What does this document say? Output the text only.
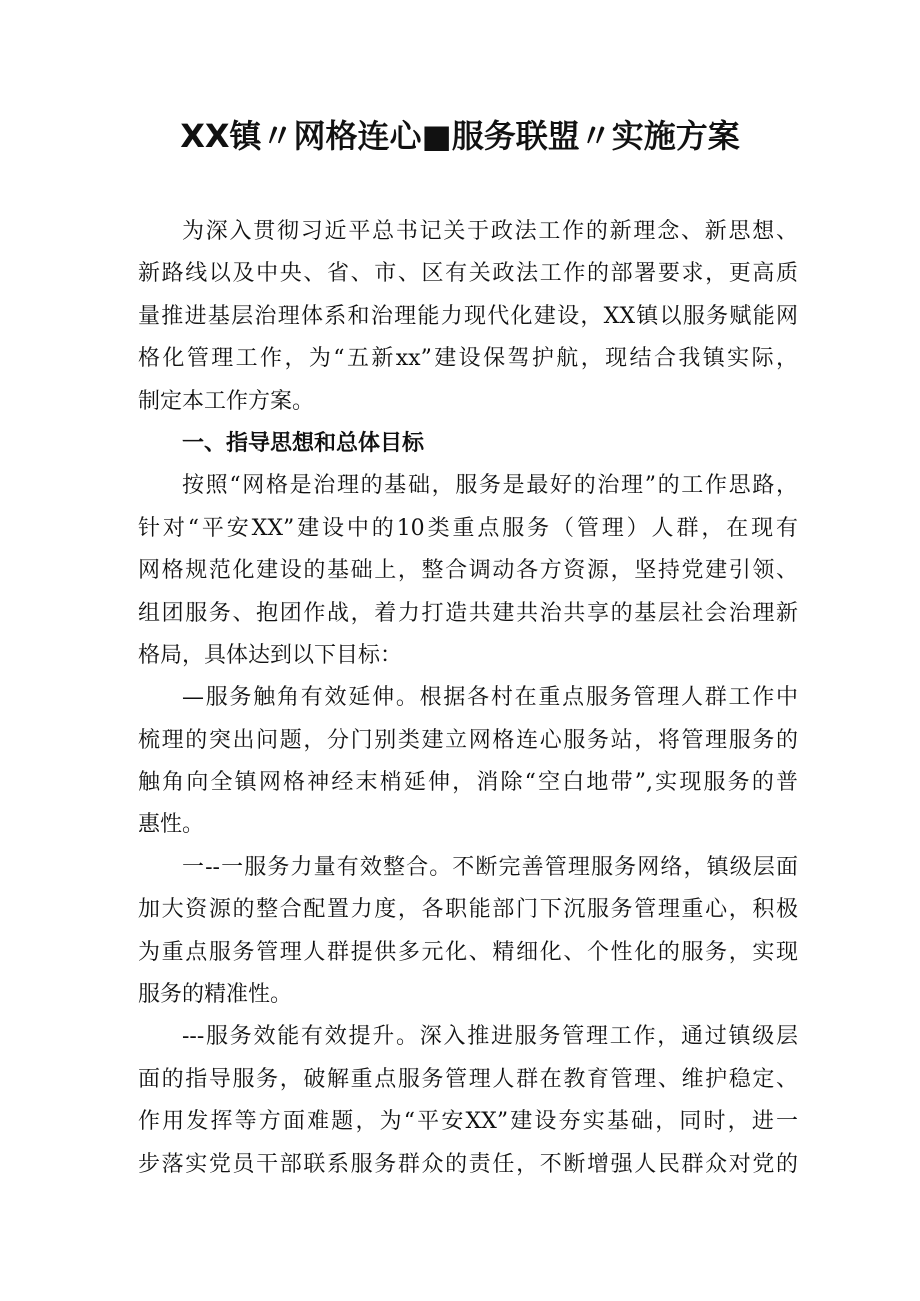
XX镇〃网格连心■服务联盟〃实施方案
为深入贯彻习近平总书记关于政法工作的新理念、新思想、
新路线以及中央、省、市、区有关政法工作的部署要求，更高质
量推进基层治理体系和治理能力现代化建设，XX镇以服务赋能网
格化管理工作，为“五新xx”建设保驾护航，现结合我镇实际，
制定本工作方案。
一、指导思想和总体目标
按照“网格是治理的基础，服务是最好的治理”的工作思路，
针对“平安XX”建设中的10类重点服务（管理）人群，在现有
网格规范化建设的基础上，整合调动各方资源，坚持党建引领、
组团服务、抱团作战，着力打造共建共治共享的基层社会治理新
格局，具体达到以下目标：
—服务触角有效延伸。根据各村在重点服务管理人群工作中
梳理的突出问题，分门别类建立网格连心服务站，将管理服务的
触角向全镇网格神经末梢延伸，消除“空白地带”,实现服务的普
惠性。
一--一服务力量有效整合。不断完善管理服务网络，镇级层面
加大资源的整合配置力度，各职能部门下沉服务管理重心，积极
为重点服务管理人群提供多元化、精细化、个性化的服务，实现
服务的精准性。
---服务效能有效提升。深入推进服务管理工作，通过镇级层
面的指导服务，破解重点服务管理人群在教育管理、维护稳定、
作用发挥等方面难题，为“平安XX”建设夯实基础，同时，进一
步落实党员干部联系服务群众的责任，不断增强人民群众对党的
